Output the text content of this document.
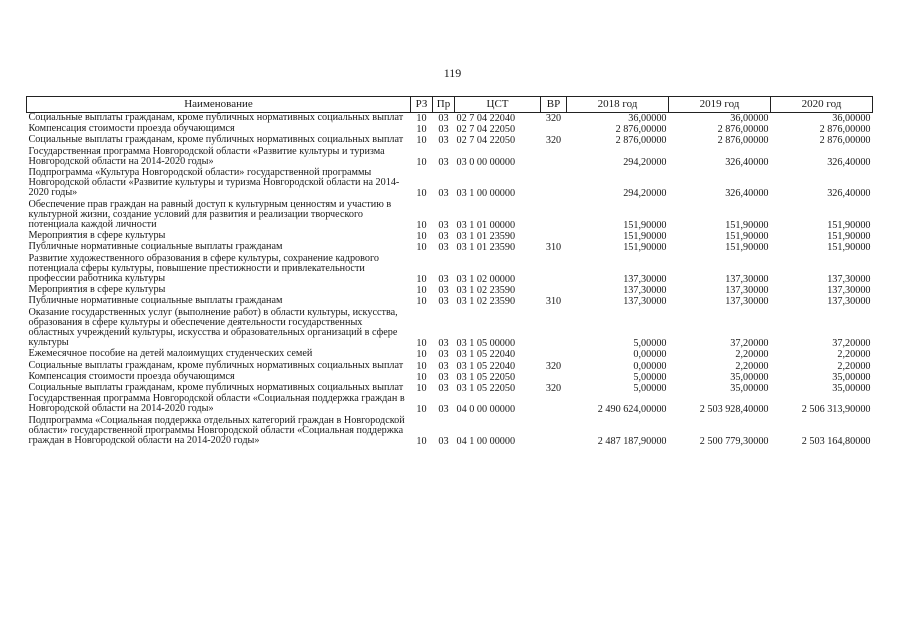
119
Наименование	РЗ	Пр	ЦСТ	ВР	2018 год	2019 год	2020 год
Социальные выплаты гражданам, кроме публичных нормативных социальных выплат	10	03	02 7 04 22040	320	36,00000	36,00000	36,00000
Компенсация стоимости проезда обучающимся	10	03	02 7 04 22050		2 876,00000	2 876,00000	2 876,00000
Социальные выплаты гражданам, кроме публичных нормативных социальных выплат	10	03	02 7 04 22050	320	2 876,00000	2 876,00000	2 876,00000
Государственная программа Новгородской области «Развитие культуры и туризма Новгородской области на 2014-2020 годы»	10	03	03 0 00 00000		294,20000	326,40000	326,40000
Подпрограмма «Культура Новгородской области» государственной программы Новгородской области «Развитие культуры и туризма Новгородской области на 2014-2020 годы»	10	03	03 1 00 00000		294,20000	326,40000	326,40000
Обеспечение прав граждан на равный доступ к культурным ценностям и участию в культурной жизни, создание условий для развития и реализации творческого потенциала каждой личности	10	03	03 1 01 00000		151,90000	151,90000	151,90000
Мероприятия в сфере культуры	10	03	03 1 01 23590		151,90000	151,90000	151,90000
Публичные нормативные социальные выплаты гражданам	10	03	03 1 01 23590	310	151,90000	151,90000	151,90000
Развитие художественного образования в сфере культуры, сохранение кадрового потенциала сферы культуры, повышение престижности и привлекательности профессии работника культуры	10	03	03 1 02 00000		137,30000	137,30000	137,30000
Мероприятия в сфере культуры	10	03	03 1 02 23590		137,30000	137,30000	137,30000
Публичные нормативные социальные выплаты гражданам	10	03	03 1 02 23590	310	137,30000	137,30000	137,30000
Оказание государственных услуг (выполнение работ) в области культуры, искусства, образования в сфере культуры и обеспечение деятельности государственных областных учреждений культуры, искусства и образовательных организаций в сфере культуры	10	03	03 1 05 00000		5,00000	37,20000	37,20000
Ежемесячное пособие на детей малоимущих студенческих семей	10	03	03 1 05 22040		0,00000	2,20000	2,20000
Социальные выплаты гражданам, кроме публичных нормативных социальных выплат	10	03	03 1 05 22040	320	0,00000	2,20000	2,20000
Компенсация стоимости проезда обучающимся	10	03	03 1 05 22050		5,00000	35,00000	35,00000
Социальные выплаты гражданам, кроме публичных нормативных социальных выплат	10	03	03 1 05 22050	320	5,00000	35,00000	35,00000
Государственная программа Новгородской области «Социальная поддержка граждан в Новгородской области на 2014-2020 годы»	10	03	04 0 00 00000		2 490 624,00000	2 503 928,40000	2 506 313,90000
Подпрограмма «Социальная поддержка отдельных категорий граждан в Новгородской области» государственной программы Новгородской области «Социальная поддержка граждан в Новгородской области на 2014-2020 годы»	10	03	04 1 00 00000		2 487 187,90000	2 500 779,30000	2 503 164,80000
